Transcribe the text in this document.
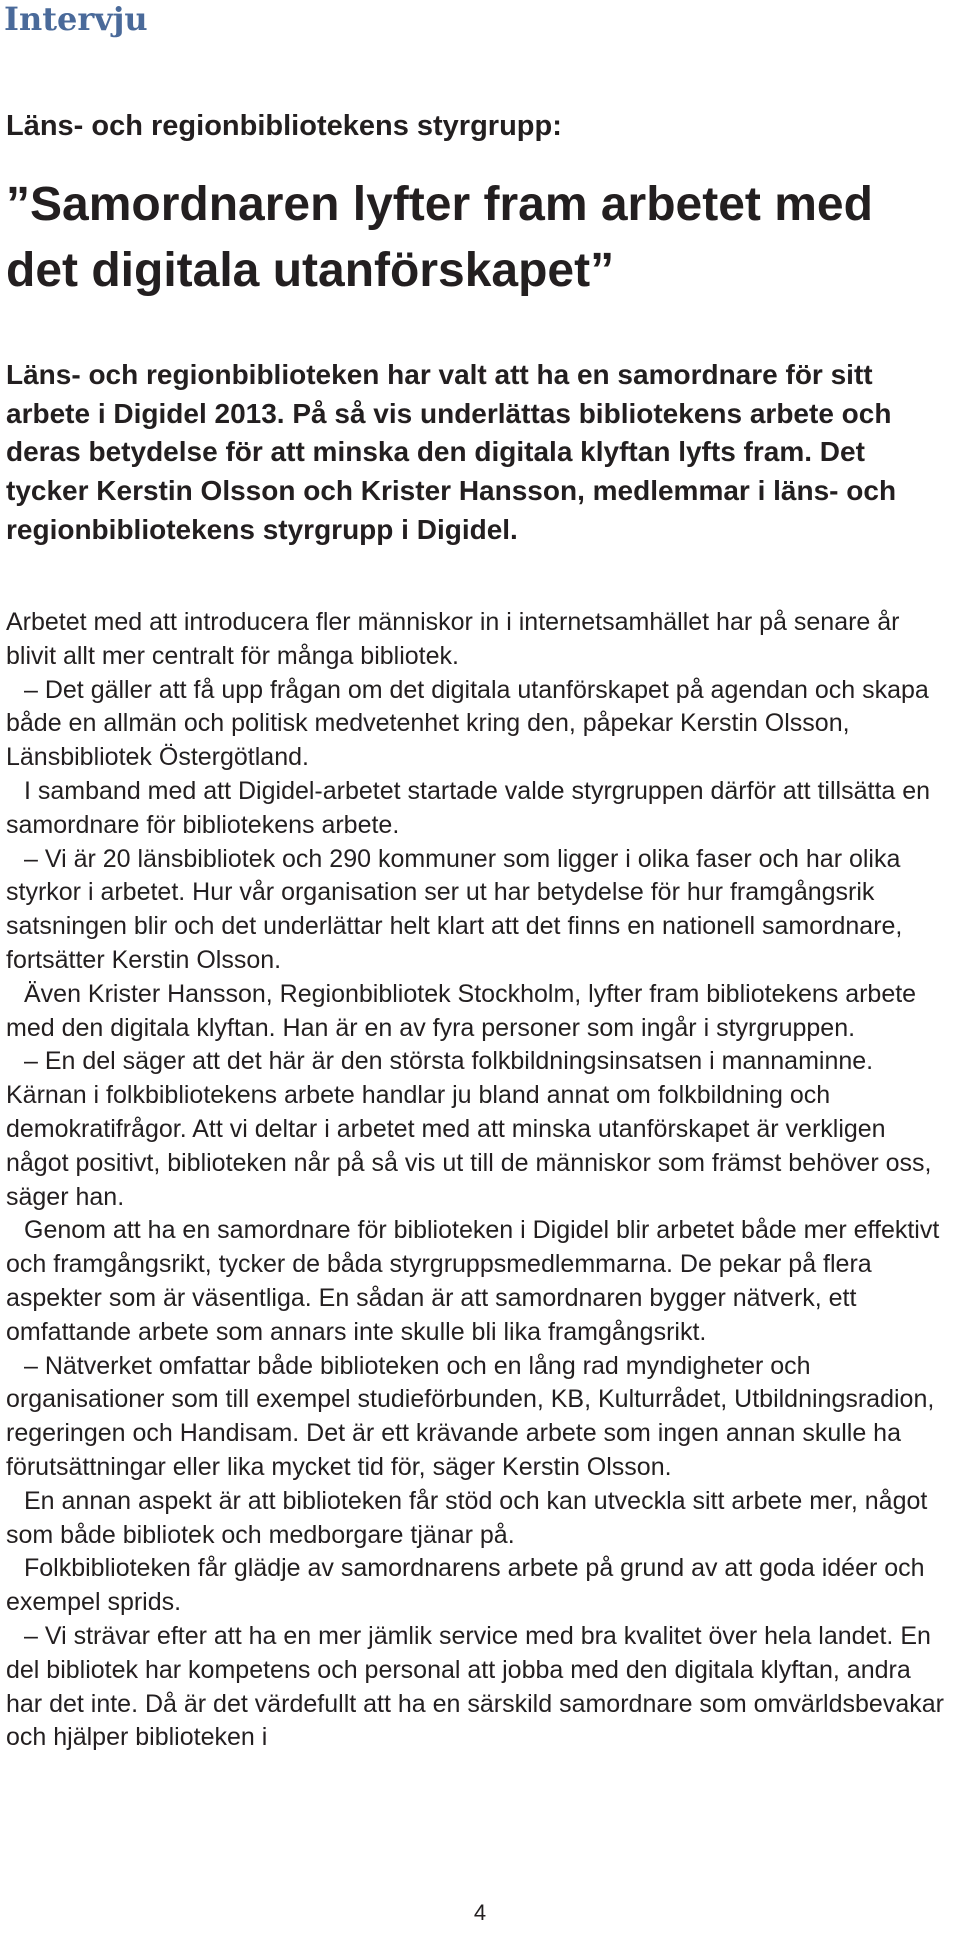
Intervju
Läns- och regionbibliotekens styrgrupp:
”Samordnaren lyfter fram arbetet med det digitala utanförskapet”

Läns- och regionbiblioteken har valt att ha en samordnare för sitt arbete i Digidel 2013. På så vis underlättas bibliotekens arbete och deras betydelse för att minska den digitala klyftan lyfts fram. Det tycker Kerstin Olsson och Krister Hansson, medlemmar i läns- och regionbibliotekens styrgrupp i Digidel.

Arbetet med att introducera fler människor in i internetsamhället har på senare år blivit allt mer centralt för många bibliotek.

– Det gäller att få upp frågan om det digitala utanförskapet på agendan och skapa både en allmän och politisk medvetenhet kring den, påpekar Kerstin Olsson, Länsbibliotek Östergötland.

I samband med att Digidel-arbetet startade valde styrgruppen därför att tillsätta en samordnare för bibliotekens arbete.

– Vi är 20 länsbibliotek och 290 kommuner som ligger i olika faser och har olika styrkor i arbetet. Hur vår organisation ser ut har betydelse för hur framgångsrik satsningen blir och det underlättar helt klart att det finns en nationell samordnare, fortsätter Kerstin Olsson.

Även Krister Hansson, Regionbibliotek Stockholm, lyfter fram bibliotekens arbete med den digitala klyftan. Han är en av fyra personer som ingår i styrgruppen.

– En del säger att det här är den största folkbildningsinsatsen i mannaminne. Kärnan i folkbibliotekens arbete handlar ju bland annat om folkbildning och demokratifrågor. Att vi deltar i arbetet med att minska utanförskapet är verkligen något positivt, biblioteken når på så vis ut till de människor som främst behöver oss, säger han.

Genom att ha en samordnare för biblioteken i Digidel blir arbetet både mer effektivt och framgångsrikt, tycker de båda styrgruppsmedlemmarna. De pekar på flera aspekter som är väsentliga. En sådan är att samordnaren bygger nätverk, ett omfattande arbete som annars inte skulle bli lika framgångsrikt.

– Nätverket omfattar både biblioteken och en lång rad myndigheter och organisationer som till exempel studieförbunden, KB, Kulturrådet, Utbildningsradion, regeringen och Handisam. Det är ett krävande arbete som ingen annan skulle ha förutsättningar eller lika mycket tid för, säger Kerstin Olsson.

En annan aspekt är att biblioteken får stöd och kan utveckla sitt arbete mer, något som både bibliotek och medborgare tjänar på.

Folkbiblioteken får glädje av samordnarens arbete på grund av att goda idéer och exempel sprids.

– Vi strävar efter att ha en mer jämlik service med bra kvalitet över hela landet. En del bibliotek har kompetens och personal att jobba med den digitala klyftan, andra har det inte. Då är det värdefullt att ha en särskild samordnare som omvärldsbevakar och hjälper biblioteken i

4
